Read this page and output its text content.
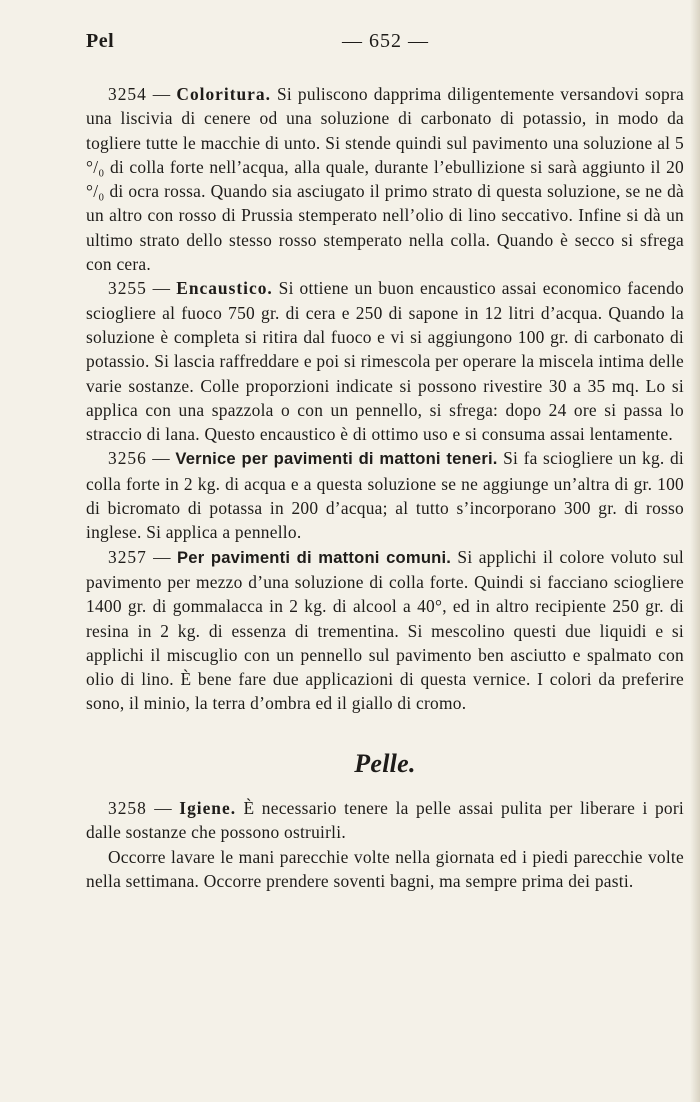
Pel	— 652 —

3254 — Coloritura. Si puliscono dapprima diligentemente versandovi sopra una liscivia di cenere od una soluzione di carbonato di potassio, in modo da togliere tutte le macchie di unto. Si stende quindi sul pavimento una soluzione al 5 °/₀ di colla forte nell’acqua, alla quale, durante l’ebullizione si sarà aggiunto il 20 °/₀ di ocra rossa. Quando sia asciugato il primo strato di questa soluzione, se ne dà un altro con rosso di Prussia stemperato nell’olio di lino seccativo. Infine si dà un ultimo strato dello stesso rosso stemperato nella colla. Quando è secco si sfrega con cera.

3255 — Encaustico. Si ottiene un buon encaustico assai economico facendo sciogliere al fuoco 750 gr. di cera e 250 di sapone in 12 litri d’acqua. Quando la soluzione è completa si ritira dal fuoco e vi si aggiungono 100 gr. di carbonato di potassio. Si lascia raffreddare e poi si rimescola per operare la miscela intima delle varie sostanze. Colle proporzioni indicate si possono rivestire 30 a 35 mq. Lo si applica con una spazzola o con un pennello, si sfrega: dopo 24 ore si passa lo straccio di lana. Questo encaustico è di ottimo uso e si consuma assai lentamente.

3256 — Vernice per pavimenti di mattoni teneri. Si fa sciogliere un kg. di colla forte in 2 kg. di acqua e a questa soluzione se ne aggiunge un’altra di gr. 100 di bicromato di potassa in 200 d’acqua; al tutto s’incorporano 300 gr. di rosso inglese. Si applica a pennello.

3257 — Per pavimenti di mattoni comuni. Si applichi il colore voluto sul pavimento per mezzo d’una soluzione di colla forte. Quindi si facciano sciogliere 1400 gr. di gommalacca in 2 kg. di alcool a 40°, ed in altro recipiente 250 gr. di resina in 2 kg. di essenza di trementina. Si mescolino questi due liquidi e si applichi il miscuglio con un pennello sul pavimento ben asciutto e spalmato con olio di lino. È bene fare due applicazioni di questa vernice. I colori da preferire sono, il minio, la terra d’ombra ed il giallo di cromo.

Pelle.

3258 — Igiene. È necessario tenere la pelle assai pulita per liberare i pori dalle sostanze che possono ostruirli.

Occorre lavare le mani parecchie volte nella giornata ed i piedi parecchie volte nella settimana. Occorre prendere soventi bagni, ma sempre prima dei pasti.
